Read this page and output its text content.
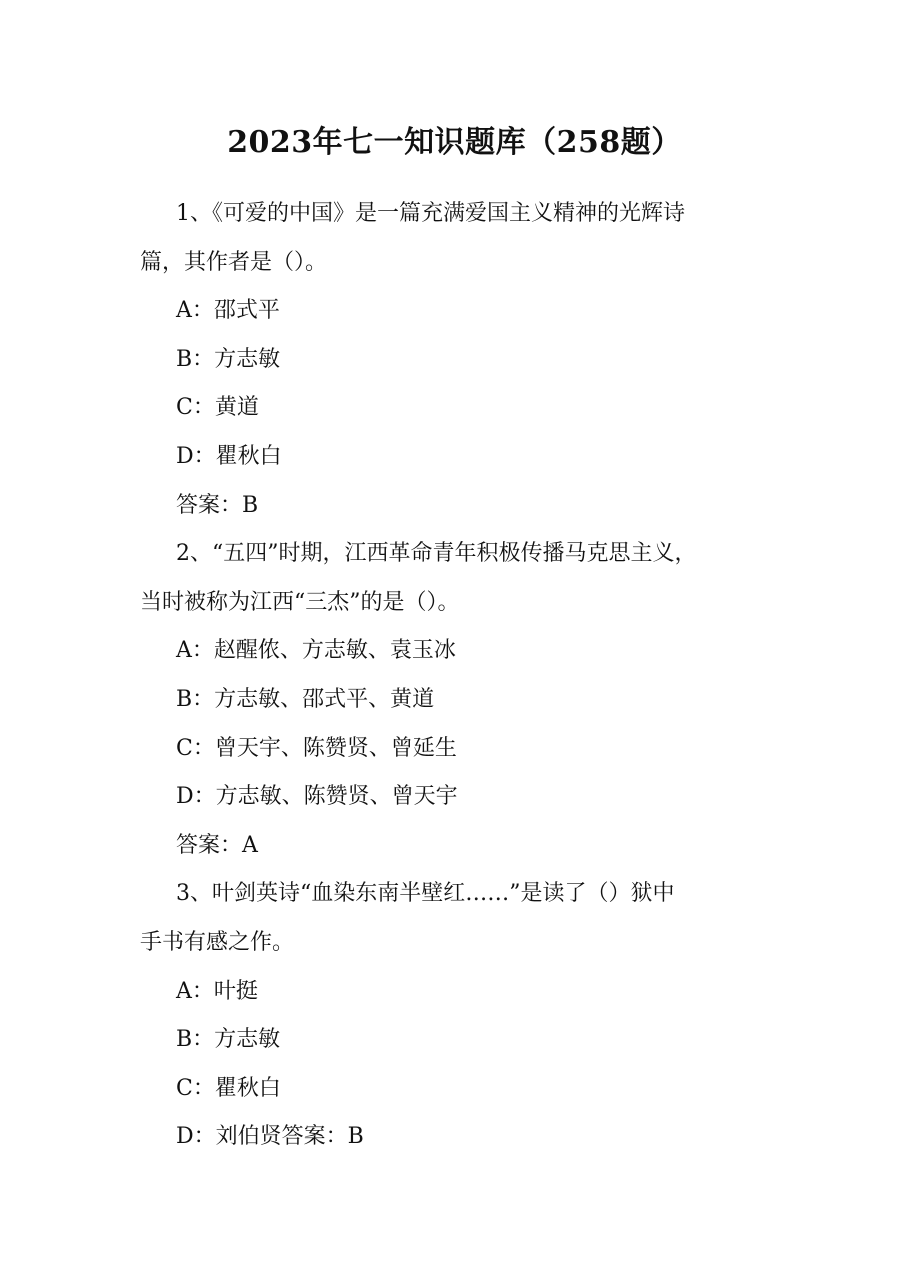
2023年七一知识题库（258题）

1、《可爱的中国》是一篇充满爱国主义精神的光辉诗

篇，其作者是（）。

A：邵式平

B：方志敏

C：黄道

D：瞿秋白

答案：B

2、“五四”时期，江西革命青年积极传播马克思主义，

当时被称为江西“三杰”的是（）。

A：赵醒侬、方志敏、袁玉冰

B：方志敏、邵式平、黄道

C：曾天宇、陈赞贤、曾延生

D：方志敏、陈赞贤、曾天宇

答案：A

3、叶剑英诗“血染东南半壁红……”是读了（）狱中

手书有感之作。

A：叶挺

B：方志敏

C：瞿秋白

D：刘伯贤答案：B
